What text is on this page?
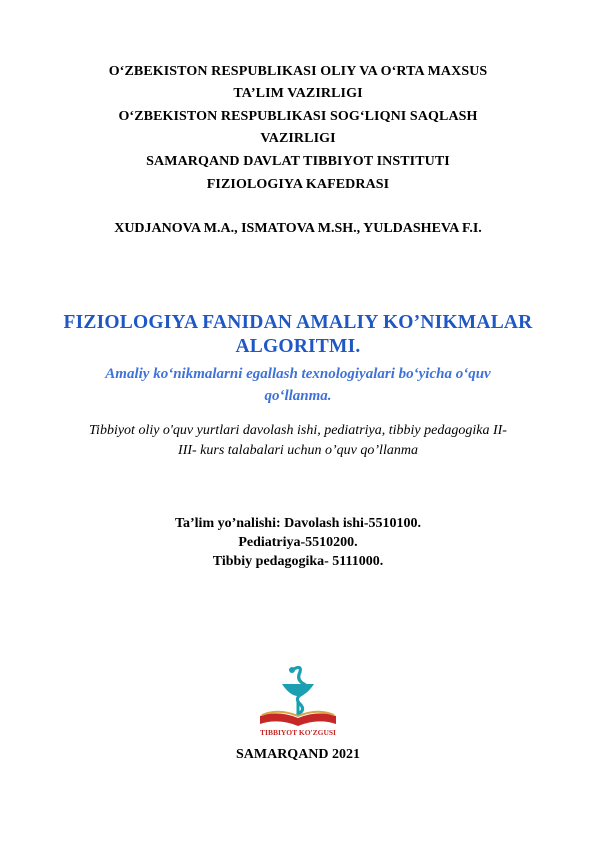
O‘ZBEKISTON RESPUBLIKASI OLIY VA O‘RTA MAXSUS
TA’LIM VAZIRLIGI
O‘ZBEKISTON RESPUBLIKASI SOG‘LIQNI SAQLASH
VAZIRLIGI
SAMARQAND DAVLAT TIBBIYOT INSTITUTI
FIZIOLOGIYA KAFEDRASI
XUDJANOVA M.A., ISMATOVA M.SH., YULDASHEVA F.I.
FIZIOLOGIYA FANIDAN AMALIY KO’NIKMALAR
ALGORITMI.
Amaliy ko‘nikmalarni egallash texnologiyalari bo‘yicha o‘quv
qo‘llanma.
Tibbiyot oliy o'quv yurtlari davolash ishi, pediatriya, tibbiy pedagogika II-
III- kurs talabalari uchun o’quv qo’llanma
Ta’lim yo’nalishi: Davolash ishi-5510100.
Pediatriya-5510200.
Tibbiy pedagogika- 5111000.
TIBBIYOT KO'ZGUSI
SAMARQAND 2021
